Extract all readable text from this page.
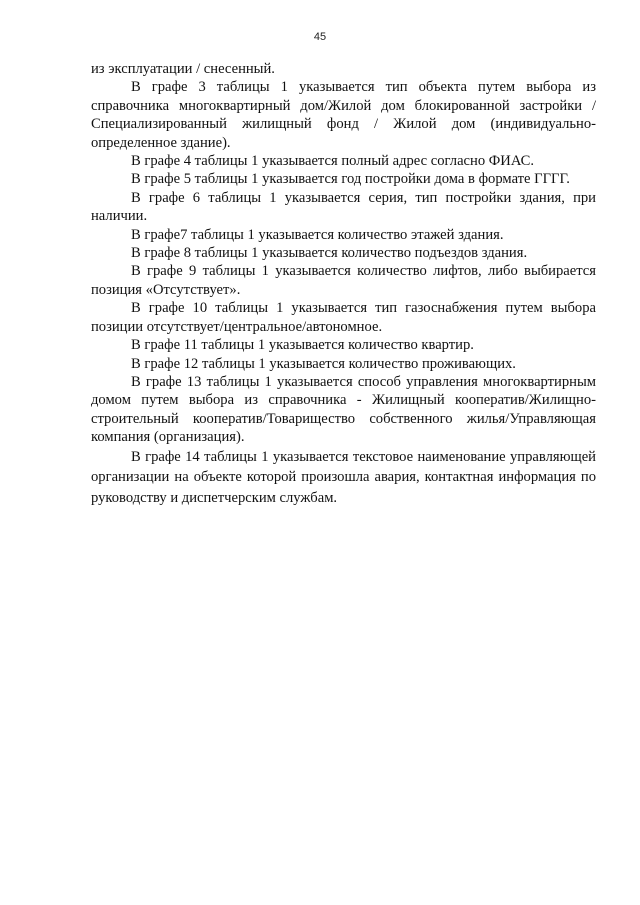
45

из эксплуатации / снесенный.

В графе 3 таблицы 1 указывается тип объекта путем выбора из справочника многоквартирный дом/Жилой дом блокированной застройки / Специализированный жилищный фонд / Жилой дом (индивидуально-определенное здание).

В графе 4 таблицы 1 указывается полный адрес согласно ФИАС.

В графе 5 таблицы 1 указывается год постройки дома в формате ГГГГ.

В графе 6 таблицы 1 указывается серия, тип постройки здания, при наличии.

В графе7 таблицы 1 указывается количество этажей здания.

В графе 8 таблицы 1 указывается количество подъездов здания.

В графе 9 таблицы 1 указывается количество лифтов, либо выбирается позиция «Отсутствует».

В графе 10 таблицы 1 указывается тип газоснабжения путем выбора позиции отсутствует/центральное/автономное.

В графе 11 таблицы 1 указывается количество квартир.

В графе 12 таблицы 1 указывается количество проживающих.

В графе 13 таблицы 1 указывается способ управления многоквартирным домом путем выбора из справочника - Жилищный кооператив/Жилищно-строительный кооператив/Товарищество собственного жилья/Управляющая компания (организация).

В графе 14 таблицы 1 указывается текстовое наименование управляющей организации на объекте которой произошла авария, контактная информация по руководству и диспетчерским службам.
